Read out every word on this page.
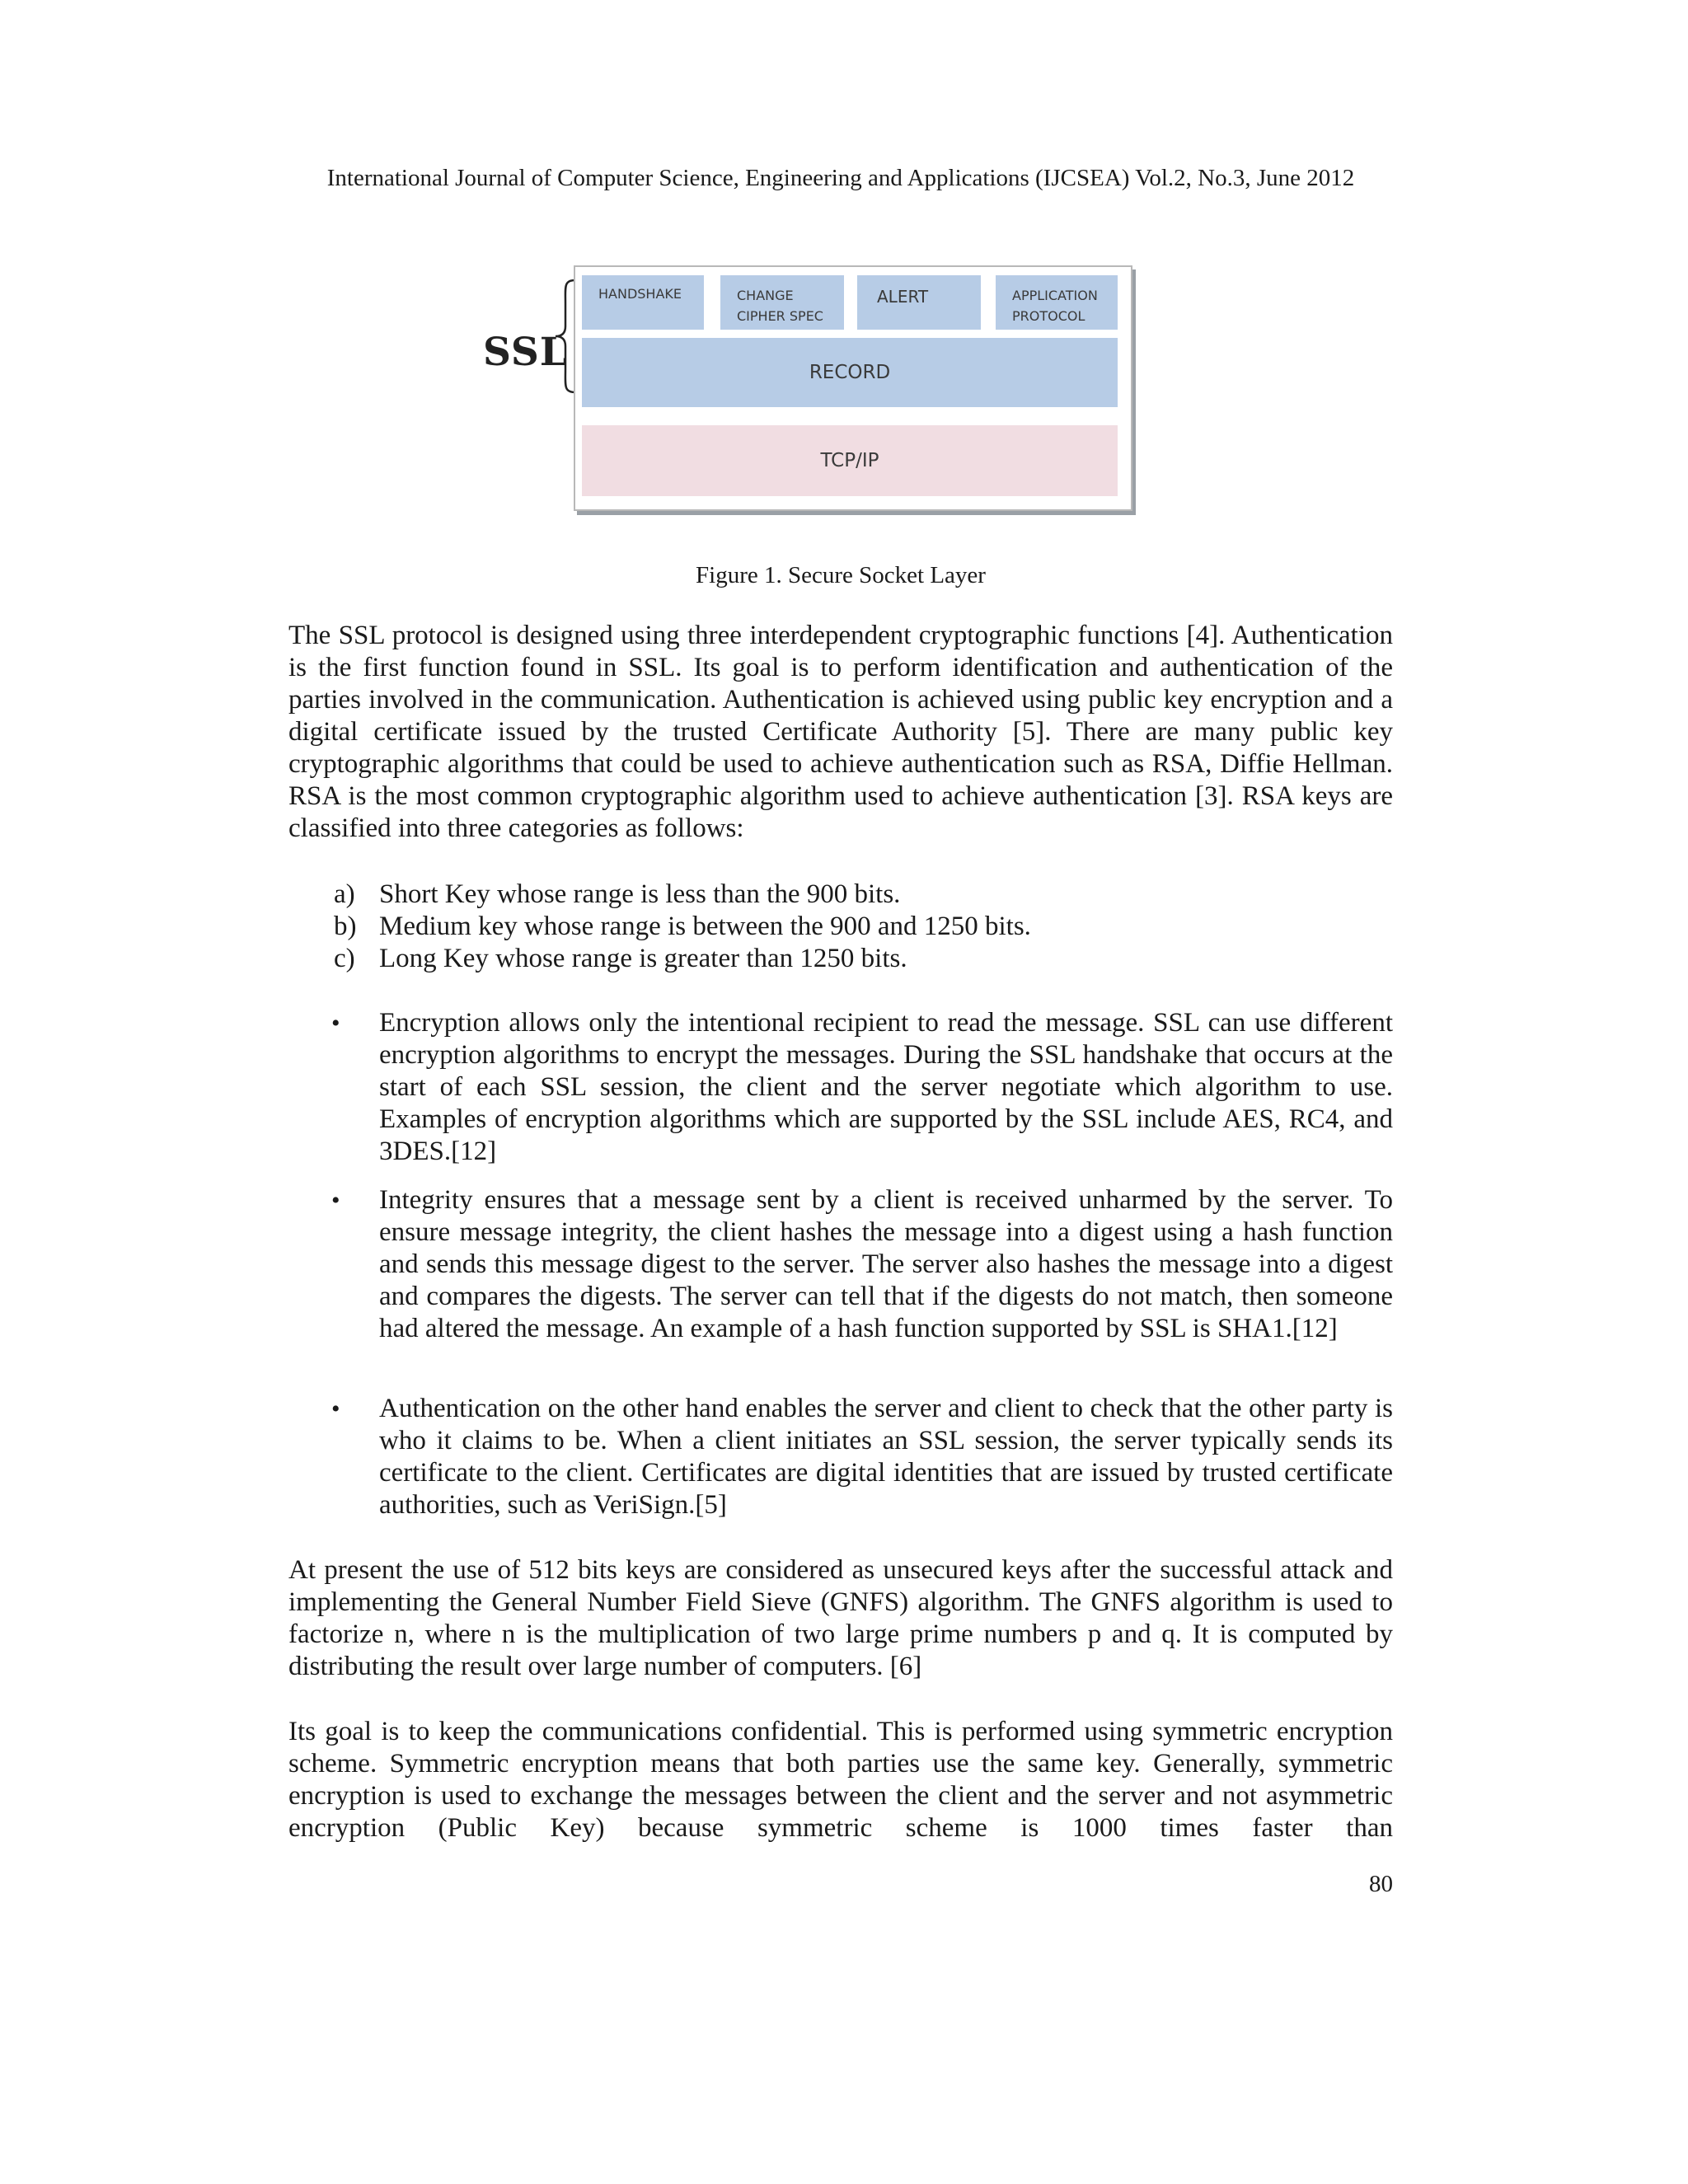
International Journal of Computer Science, Engineering and Applications (IJCSEA) Vol.2, No.3, June 2012
SSL
HANDSHAKE	CHANGE
CIPHER SPEC
ALERT	APPLICATION
PROTOCOL
RECORD
TCP/IP
Figure 1. Secure Socket Layer

The SSL protocol is designed using three interdependent cryptographic functions [4]. Authentication is the first function found in SSL. Its goal is to perform identification and authentication of the parties involved in the communication. Authentication is achieved using public key encryption and a digital certificate issued by the trusted Certificate Authority [5]. There are many public key cryptographic algorithms that could be used to achieve authentication such as RSA, Diffie Hellman. RSA is the most common cryptographic algorithm used to achieve authentication [3]. RSA keys are classified into three categories as follows:

a) Short Key whose range is less than the 900 bits.
b) Medium key whose range is between the 900 and 1250 bits.
c) Long Key whose range is greater than 1250 bits.
• Encryption allows only the intentional recipient to read the message. SSL can use different encryption algorithms to encrypt the messages. During the SSL handshake that occurs at the start of each SSL session, the client and the server negotiate which algorithm to use. Examples of encryption algorithms which are supported by the SSL include AES, RC4, and 3DES.[12]
• Integrity ensures that a message sent by a client is received unharmed by the server. To ensure message integrity, the client hashes the message into a digest using a hash function and sends this message digest to the server. The server also hashes the message into a digest and compares the digests. The server can tell that if the digests do not match, then someone had altered the message. An example of a hash function supported by SSL is SHA1.[12]
• Authentication on the other hand enables the server and client to check that the other party is who it claims to be. When a client initiates an SSL session, the server typically sends its certificate to the client. Certificates are digital identities that are issued by trusted certificate authorities, such as VeriSign.[5]

At present the use of 512 bits keys are considered as unsecured keys after the successful attack and implementing the General Number Field Sieve (GNFS) algorithm. The GNFS algorithm is used to factorize n, where n is the multiplication of two large prime numbers p and q. It is computed by distributing the result over large number of computers. [6]

Its goal is to keep the communications confidential. This is performed using symmetric encryption scheme. Symmetric encryption means that both parties use the same key. Generally, symmetric encryption is used to exchange the messages between the client and the server and not asymmetric encryption (Public Key) because symmetric scheme is 1000 times faster than

80
